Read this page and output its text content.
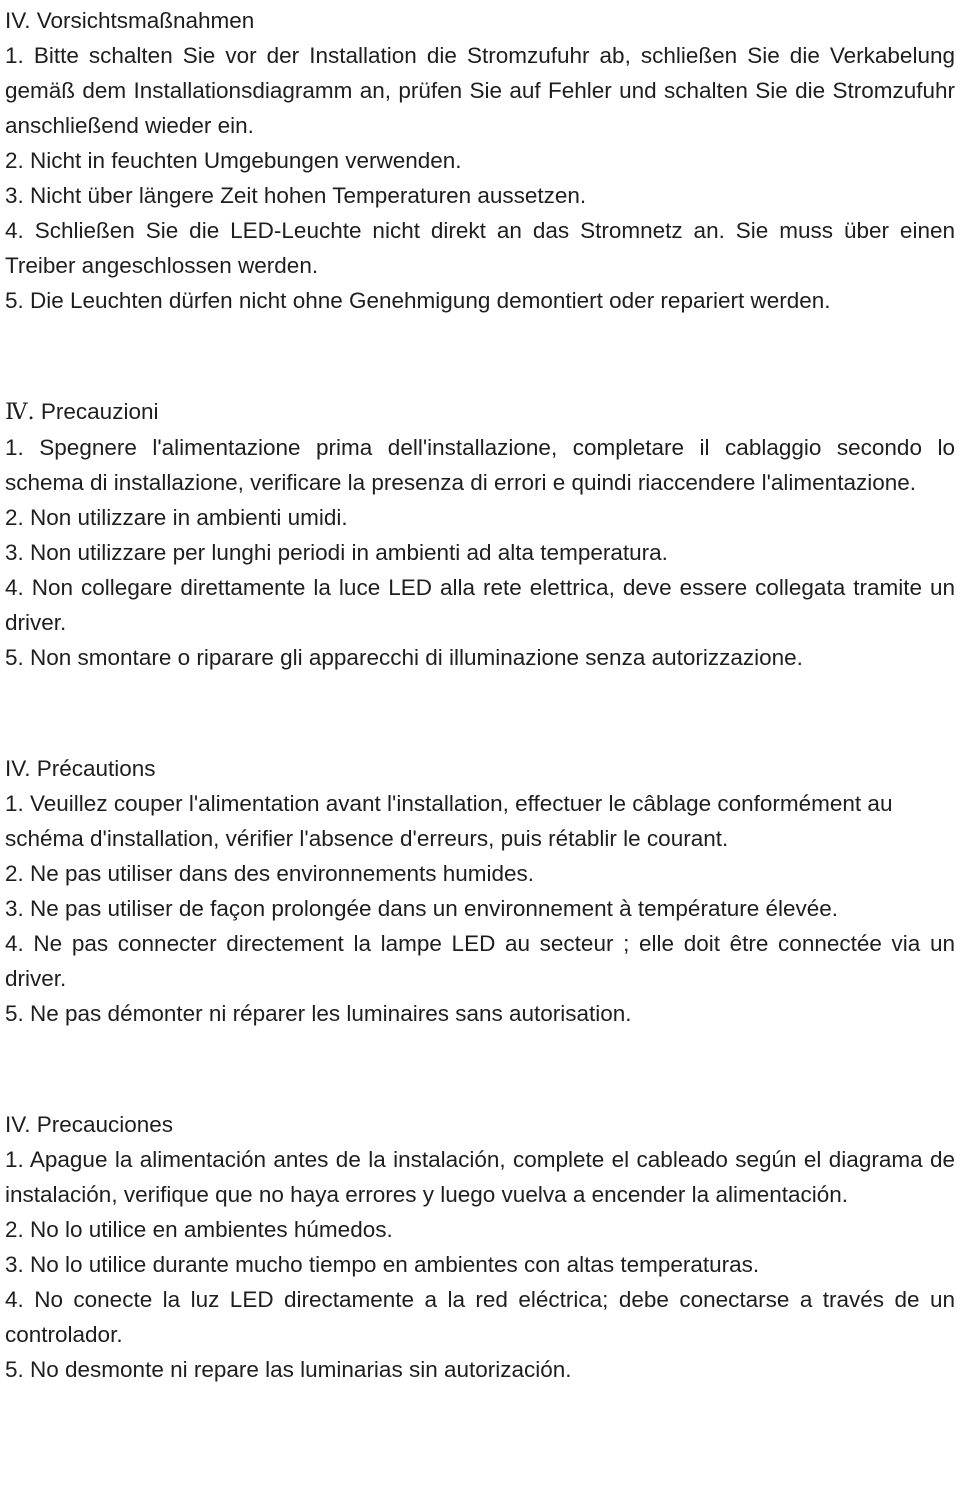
IV. Vorsichtsmaßnahmen

1. Bitte schalten Sie vor der Installation die Stromzufuhr ab, schließen Sie die Verkabelung gemäß dem Installationsdiagramm an, prüfen Sie auf Fehler und schalten Sie die Stromzufuhr anschließend wieder ein.

2. Nicht in feuchten Umgebungen verwenden.

3. Nicht über längere Zeit hohen Temperaturen aussetzen.

4. Schließen Sie die LED-Leuchte nicht direkt an das Stromnetz an. Sie muss über einen Treiber angeschlossen werden.

5. Die Leuchten dürfen nicht ohne Genehmigung demontiert oder repariert werden.

Ⅳ. Precauzioni

1. Spegnere l'alimentazione prima dell'installazione, completare il cablaggio secondo lo schema di installazione, verificare la presenza di errori e quindi riaccendere l'alimentazione.

2. Non utilizzare in ambienti umidi.

3. Non utilizzare per lunghi periodi in ambienti ad alta temperatura.

4. Non collegare direttamente la luce LED alla rete elettrica, deve essere collegata tramite un driver.

5. Non smontare o riparare gli apparecchi di illuminazione senza autorizzazione.

IV. Précautions

1. Veuillez couper l'alimentation avant l'installation, effectuer le câblage conformément au

schéma d'installation, vérifier l'absence d'erreurs, puis rétablir le courant.

2. Ne pas utiliser dans des environnements humides.

3. Ne pas utiliser de façon prolongée dans un environnement à température élevée.

4. Ne pas connecter directement la lampe LED au secteur ; elle doit être connectée via un driver.

5. Ne pas démonter ni réparer les luminaires sans autorisation.

IV. Precauciones

1. Apague la alimentación antes de la instalación, complete el cableado según el diagrama de instalación, verifique que no haya errores y luego vuelva a encender la alimentación.

2. No lo utilice en ambientes húmedos.

3. No lo utilice durante mucho tiempo en ambientes con altas temperaturas.

4. No conecte la luz LED directamente a la red eléctrica; debe conectarse a través de un controlador.

5. No desmonte ni repare las luminarias sin autorización.
